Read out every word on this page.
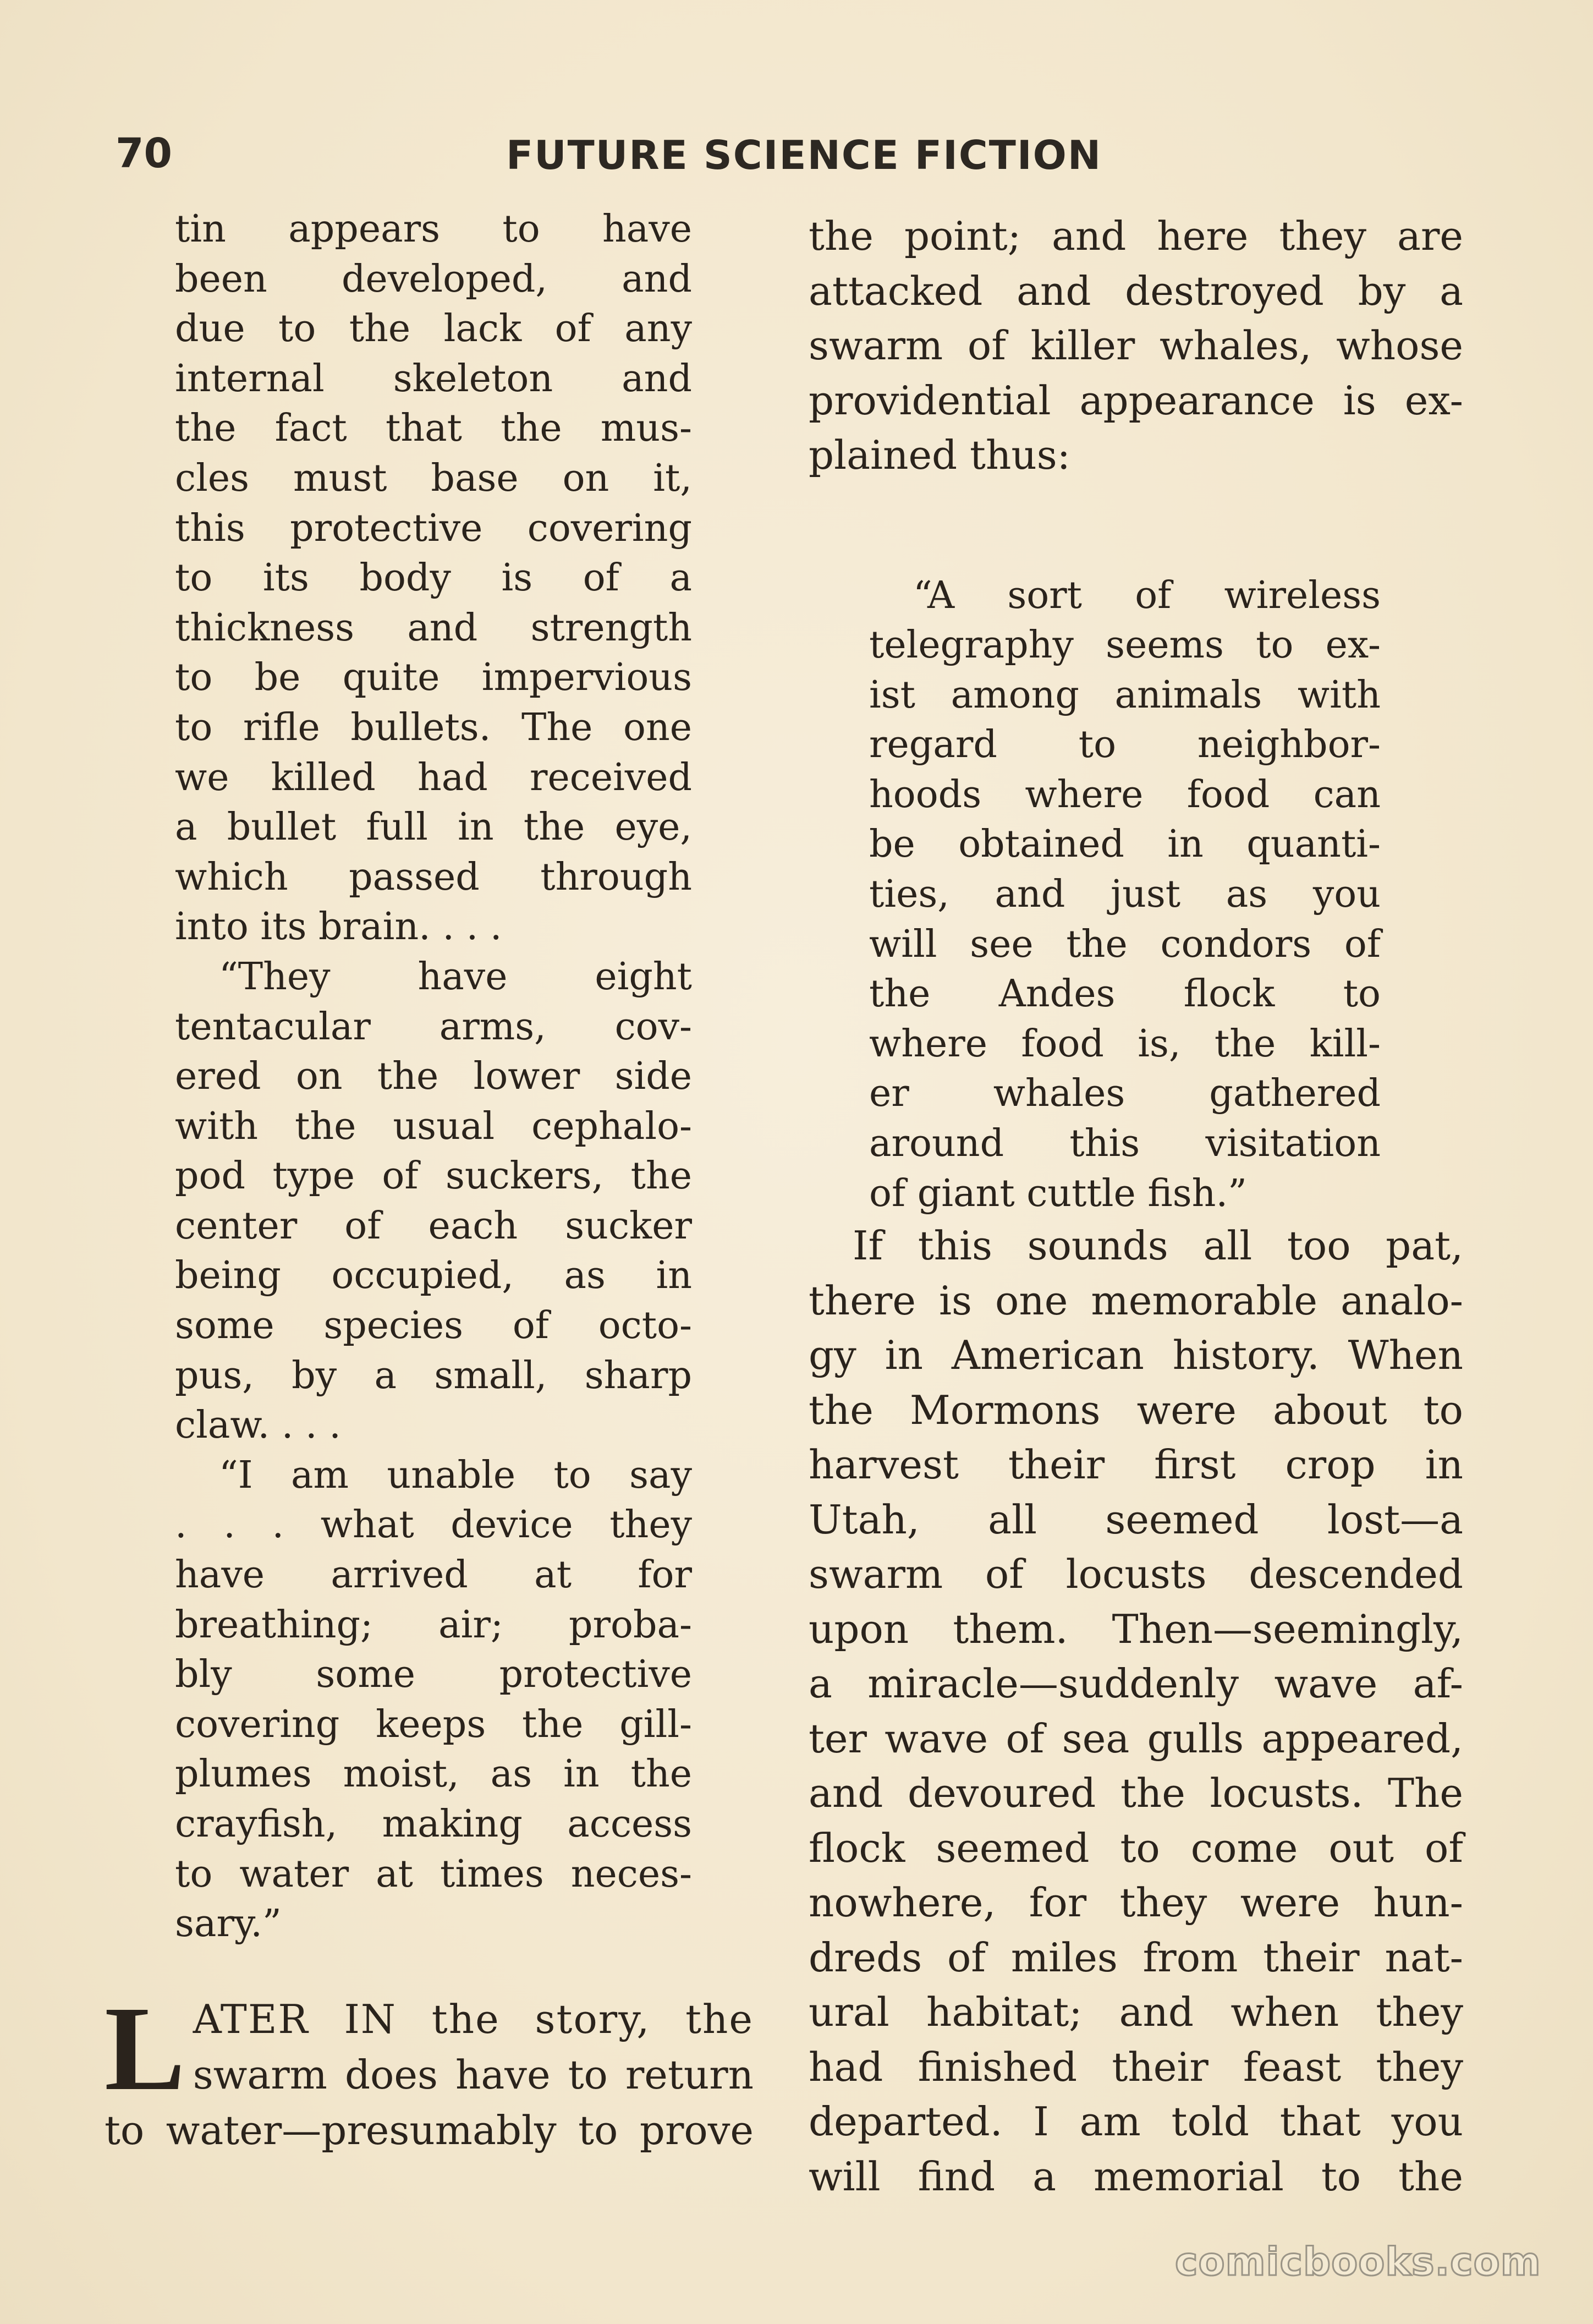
70	FUTURE SCIENCE FICTION

tin appears to have
been developed, and
due to the lack of any
internal skeleton and
the fact that the mus-
cles must base on it,
this protective covering
to its body is of a
thickness and strength
to be quite impervious
to rifle bullets. The one
we killed had received
a bullet full in the eye,
which passed through
into its brain. . . .

“They have eight
tentacular arms, cov-
ered on the lower side
with the usual cephalo-
pod type of suckers, the
center of each sucker
being occupied, as in
some species of octo-
pus, by a small, sharp
claw. . . .

“I am unable to say
. . . what device they
have arrived at for
breathing; air; proba-
bly some protective
covering keeps the gill-
plumes moist, as in the
crayfish, making access
to water at times neces-
sary.”

L ATER IN the story, the
swarm does have to return
to water—presumably to prove

the point; and here they are
attacked and destroyed by a
swarm of killer whales, whose
providential appearance is ex-
plained thus:

“A sort of wireless
telegraphy seems to ex-
ist among animals with
regard to neighbor-
hoods where food can
be obtained in quanti-
ties, and just as you
will see the condors of
the Andes flock to
where food is, the kill-
er whales gathered
around this visitation
of giant cuttle fish.”

If this sounds all too pat,
there is one memorable analo-
gy in American history. When
the Mormons were about to
harvest their first crop in
Utah, all seemed lost—a
swarm of locusts descended
upon them. Then—seemingly,
a miracle—suddenly wave af-
ter wave of sea gulls appeared,
and devoured the locusts. The
flock seemed to come out of
nowhere, for they were hun-
dreds of miles from their nat-
ural habitat; and when they
had finished their feast they
departed. I am told that you
will find a memorial to the

comicbooks.com
